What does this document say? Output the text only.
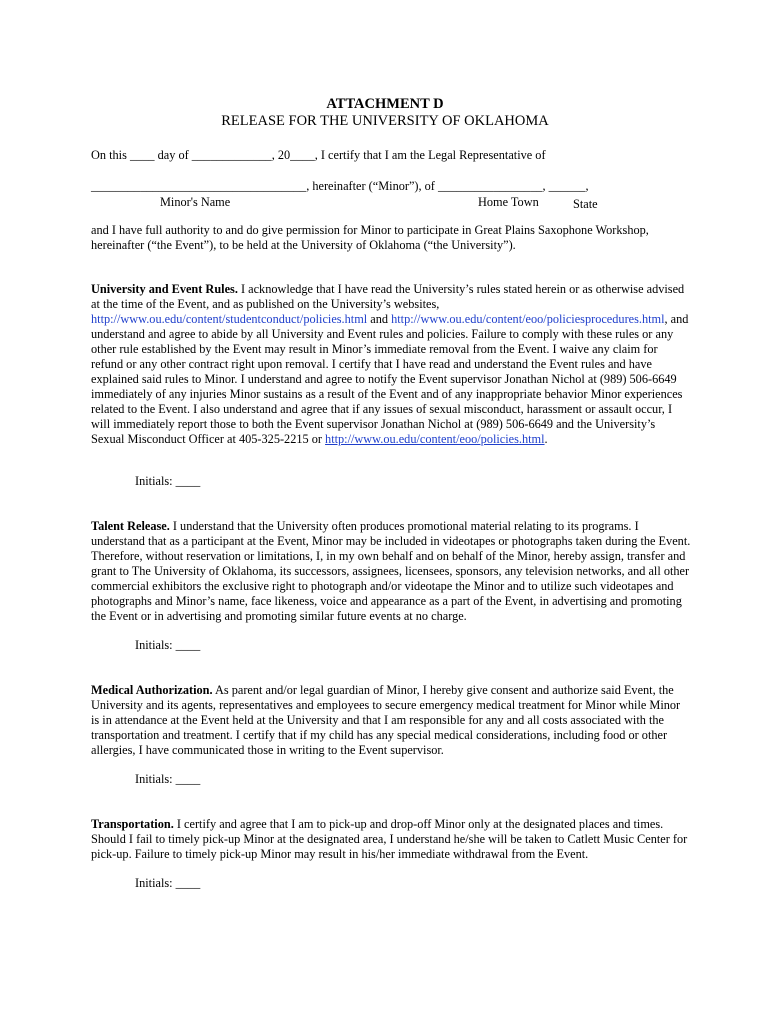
ATTACHMENT D
RELEASE FOR THE UNIVERSITY OF OKLAHOMA
On this ____ day of _____________, 20____, I certify that I am the Legal Representative of
___________________________________, hereinafter (“Minor”), of _________________, ______,
Minor's Name	Home Town	State
and I have full authority to and do give permission for Minor to participate in Great Plains Saxophone Workshop,
hereinafter (“the Event”), to be held at the University of Oklahoma (“the University”).
University and Event Rules. I acknowledge that I have read the University’s rules stated herein or as otherwise advised at the time of the Event, and as published on the University’s websites, http://www.ou.edu/content/studentconduct/policies.html and http://www.ou.edu/content/eoo/policiesprocedures.html, and understand and agree to abide by all University and Event rules and policies. Failure to comply with these rules or any other rule established by the Event may result in Minor’s immediate removal from the Event. I waive any claim for refund or any other contract right upon removal. I certify that I have read and understand the Event rules and have explained said rules to Minor. I understand and agree to notify the Event supervisor Jonathan Nichol at (989) 506-6649 immediately of any injuries Minor sustains as a result of the Event and of any inappropriate behavior Minor experiences related to the Event. I also understand and agree that if any issues of sexual misconduct, harassment or assault occur, I will immediately report those to both the Event supervisor Jonathan Nichol at (989) 506-6649 and the University’s Sexual Misconduct Officer at 405-325-2215 or http://www.ou.edu/content/eoo/policies.html.
Initials: ____
Talent Release. I understand that the University often produces promotional material relating to its programs. I understand that as a participant at the Event, Minor may be included in videotapes or photographs taken during the Event. Therefore, without reservation or limitations, I, in my own behalf and on behalf of the Minor, hereby assign, transfer and grant to The University of Oklahoma, its successors, assignees, licensees, sponsors, any television networks, and all other commercial exhibitors the exclusive right to photograph and/or videotape the Minor and to utilize such videotapes and photographs and Minor’s name, face likeness, voice and appearance as a part of the Event, in advertising and promoting the Event or in advertising and promoting similar future events at no charge.
Initials: ____
Medical Authorization. As parent and/or legal guardian of Minor, I hereby give consent and authorize said Event, the University and its agents, representatives and employees to secure emergency medical treatment for Minor while Minor is in attendance at the Event held at the University and that I am responsible for any and all costs associated with the transportation and treatment. I certify that if my child has any special medical considerations, including food or other allergies, I have communicated those in writing to the Event supervisor.
Initials: ____
Transportation. I certify and agree that I am to pick-up and drop-off Minor only at the designated places and times. Should I fail to timely pick-up Minor at the designated area, I understand he/she will be taken to Catlett Music Center for pick-up. Failure to timely pick-up Minor may result in his/her immediate withdrawal from the Event.
Initials: ____
